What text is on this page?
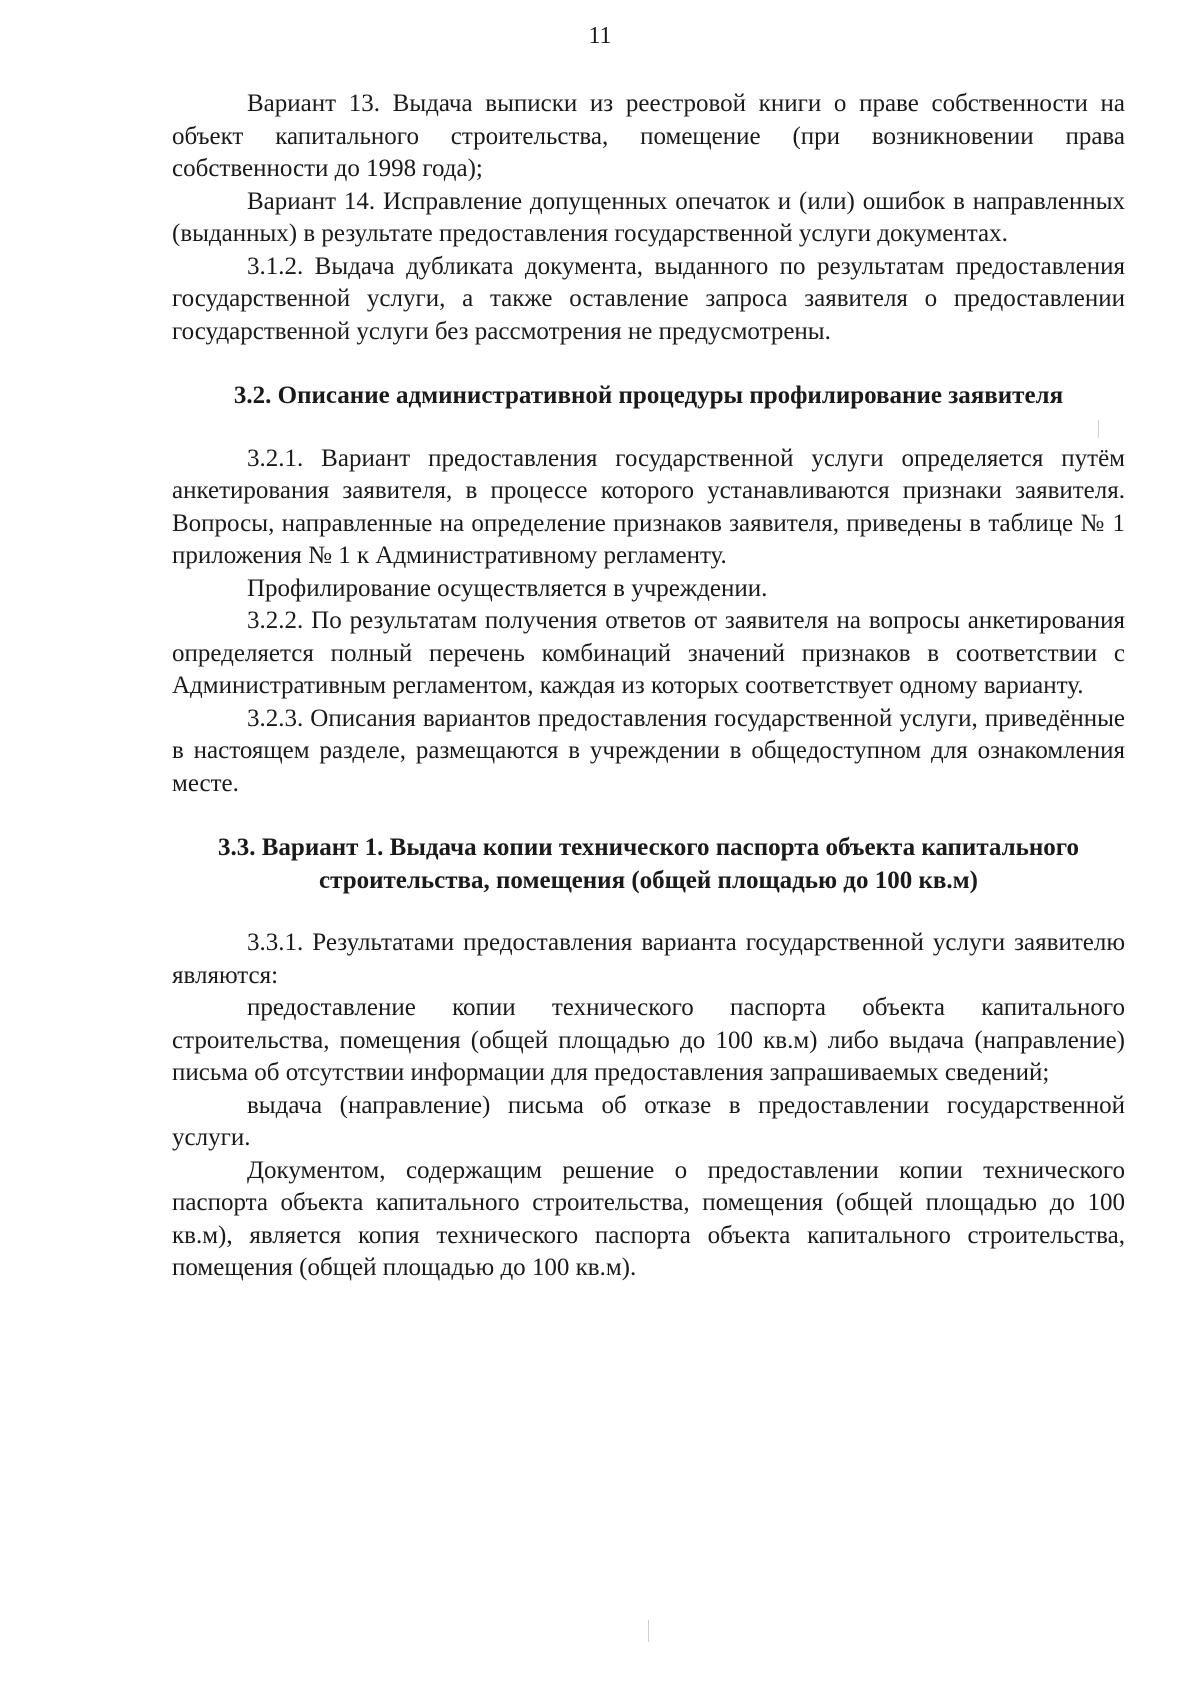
11

Вариант 13. Выдача выписки из реестровой книги о праве собственности на объект капитального строительства, помещение (при возникновении права собственности до 1998 года);

Вариант 14. Исправление допущенных опечаток и (или) ошибок в направленных (выданных) в результате предоставления государственной услуги документах.

3.1.2. Выдача дубликата документа, выданного по результатам предоставления государственной услуги, а также оставление запроса заявителя о предоставлении государственной услуги без рассмотрения не предусмотрены.

3.2. Описание административной процедуры профилирование заявителя

3.2.1. Вариант предоставления государственной услуги определяется путём анкетирования заявителя, в процессе которого устанавливаются признаки заявителя. Вопросы, направленные на определение признаков заявителя, приведены в таблице № 1 приложения № 1 к Административному регламенту.

Профилирование осуществляется в учреждении.

3.2.2. По результатам получения ответов от заявителя на вопросы анкетирования определяется полный перечень комбинаций значений признаков в соответствии с Административным регламентом, каждая из которых соответствует одному варианту.

3.2.3. Описания вариантов предоставления государственной услуги, приведённые в настоящем разделе, размещаются в учреждении в общедоступном для ознакомления месте.

3.3. Вариант 1. Выдача копии технического паспорта объекта капитального строительства, помещения (общей площадью до 100 кв.м)

3.3.1. Результатами предоставления варианта государственной услуги заявителю являются:

предоставление копии технического паспорта объекта капитального строительства, помещения (общей площадью до 100 кв.м) либо выдача (направление) письма об отсутствии информации для предоставления запрашиваемых сведений;

выдача (направление) письма об отказе в предоставлении государственной услуги.

Документом, содержащим решение о предоставлении копии технического паспорта объекта капитального строительства, помещения (общей площадью до 100 кв.м), является копия технического паспорта объекта капитального строительства, помещения (общей площадью до 100 кв.м).
